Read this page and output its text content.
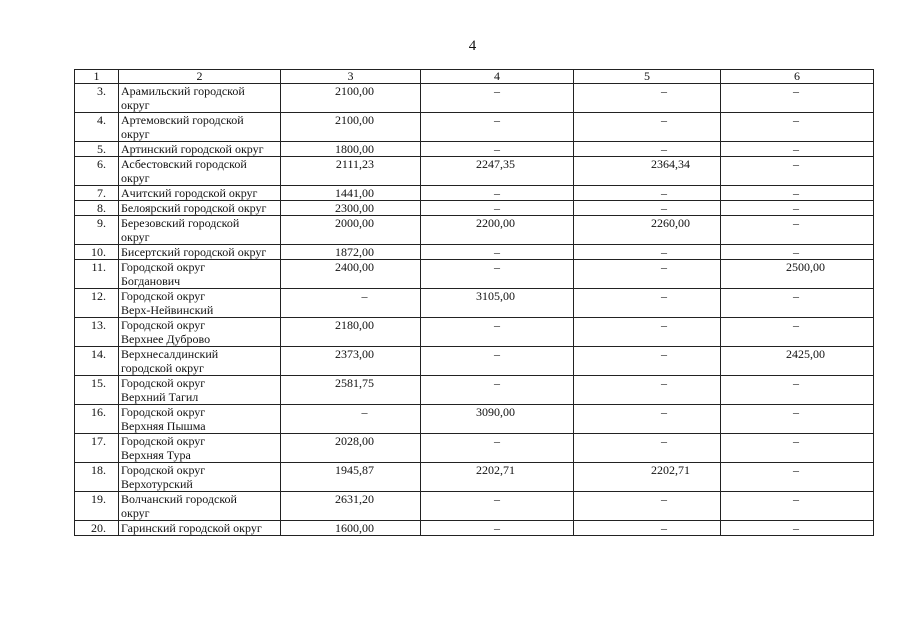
4
1	2	3	4	5	6
3.	Арамильский городской
округ	2100,00	–	–	–
4.	Артемовский городской
округ	2100,00	–	–	–
5.	Артинский городской округ	1800,00	–	–	–
6.	Асбестовский городской
округ	2111,23	2247,35	2364,34	–
7.	Ачитский городской округ	1441,00	–	–	–
8.	Белоярский городской округ	2300,00	–	–	–
9.	Березовский городской
округ	2000,00	2200,00	2260,00	–
10.	Бисертский городской округ	1872,00	–	–	–
11.	Городской округ
Богданович	2400,00	–	–	2500,00
12.	Городской округ
Верх-Нейвинский	–	3105,00	–	–
13.	Городской округ
Верхнее Дуброво	2180,00	–	–	–
14.	Верхнесалдинский
городской округ	2373,00	–	–	2425,00
15.	Городской округ
Верхний Тагил	2581,75	–	–	–
16.	Городской округ
Верхняя Пышма	–	3090,00	–	–
17.	Городской округ
Верхняя Тура	2028,00	–	–	–
18.	Городской округ
Верхотурский	1945,87	2202,71	2202,71	–
19.	Волчанский городской
округ	2631,20	–	–	–
20.	Гаринский городской округ	1600,00	–	–	–
